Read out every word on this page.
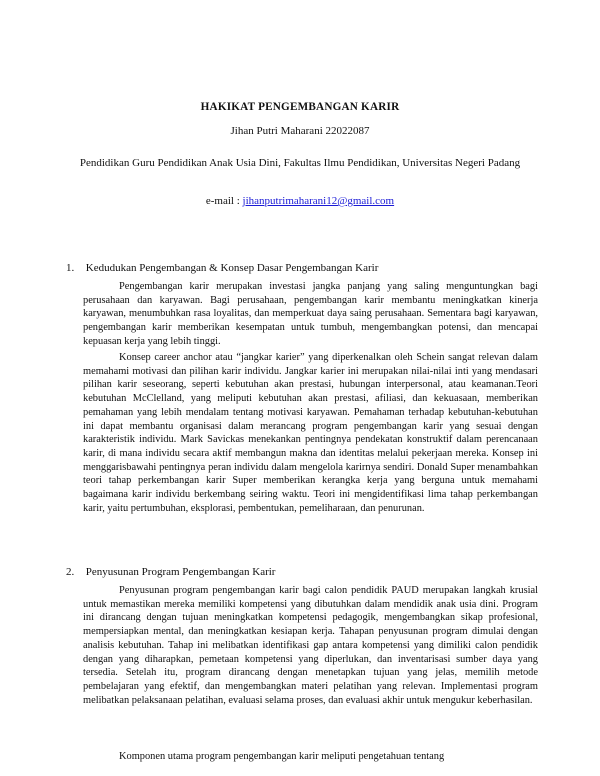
HAKIKAT PENGEMBANGAN KARIR
Jihan Putri Maharani 22022087
Pendidikan Guru Pendidikan Anak Usia Dini, Fakultas Ilmu Pendidikan, Universitas Negeri Padang
e-mail : jihanputrimaharani12@gmail.com
1. Kedudukan Pengembangan & Konsep Dasar Pengembangan Karir

Pengembangan karir merupakan investasi jangka panjang yang saling menguntungkan bagi perusahaan dan karyawan. Bagi perusahaan, pengembangan karir membantu meningkatkan kinerja karyawan, menumbuhkan rasa loyalitas, dan memperkuat daya saing perusahaan. Sementara bagi karyawan, pengembangan karir memberikan kesempatan untuk tumbuh, mengembangkan potensi, dan mencapai kepuasan kerja yang lebih tinggi.

Konsep career anchor atau “jangkar karier” yang diperkenalkan oleh Schein sangat relevan dalam memahami motivasi dan pilihan karir individu. Jangkar karier ini merupakan nilai-nilai inti yang mendasari pilihan karir seseorang, seperti kebutuhan akan prestasi, hubungan interpersonal, atau keamanan.Teori kebutuhan McClelland, yang meliputi kebutuhan akan prestasi, afiliasi, dan kekuasaan, memberikan pemahaman yang lebih mendalam tentang motivasi karyawan. Pemahaman terhadap kebutuhan-kebutuhan ini dapat membantu organisasi dalam merancang program pengembangan karir yang sesuai dengan karakteristik individu. Mark Savickas menekankan pentingnya pendekatan konstruktif dalam perencanaan karir, di mana individu secara aktif membangun makna dan identitas melalui pekerjaan mereka. Konsep ini menggarisbawahi pentingnya peran individu dalam mengelola karirnya sendiri. Donald Super menambahkan teori tahap perkembangan karir Super memberikan kerangka kerja yang berguna untuk memahami bagaimana karir individu berkembang seiring waktu. Teori ini mengidentifikasi lima tahap perkembangan karir, yaitu pertumbuhan, eksplorasi, pembentukan, pemeliharaan, dan penurunan.

2. Penyusunan Program Pengembangan Karir

Penyusunan program pengembangan karir bagi calon pendidik PAUD merupakan langkah krusial untuk memastikan mereka memiliki kompetensi yang dibutuhkan dalam mendidik anak usia dini. Program ini dirancang dengan tujuan meningkatkan kompetensi pedagogik, mengembangkan sikap profesional, mempersiapkan mental, dan meningkatkan kesiapan kerja. Tahapan penyusunan program dimulai dengan analisis kebutuhan. Tahap ini melibatkan identifikasi gap antara kompetensi yang dimiliki calon pendidik dengan yang diharapkan, pemetaan kompetensi yang diperlukan, dan inventarisasi sumber daya yang tersedia. Setelah itu, program dirancang dengan menetapkan tujuan yang jelas, memilih metode pembelajaran yang efektif, dan mengembangkan materi pelatihan yang relevan. Implementasi program melibatkan pelaksanaan pelatihan, evaluasi selama proses, dan evaluasi akhir untuk mengukur keberhasilan.

Komponen utama program pengembangan karir meliputi pengetahuan tentang
